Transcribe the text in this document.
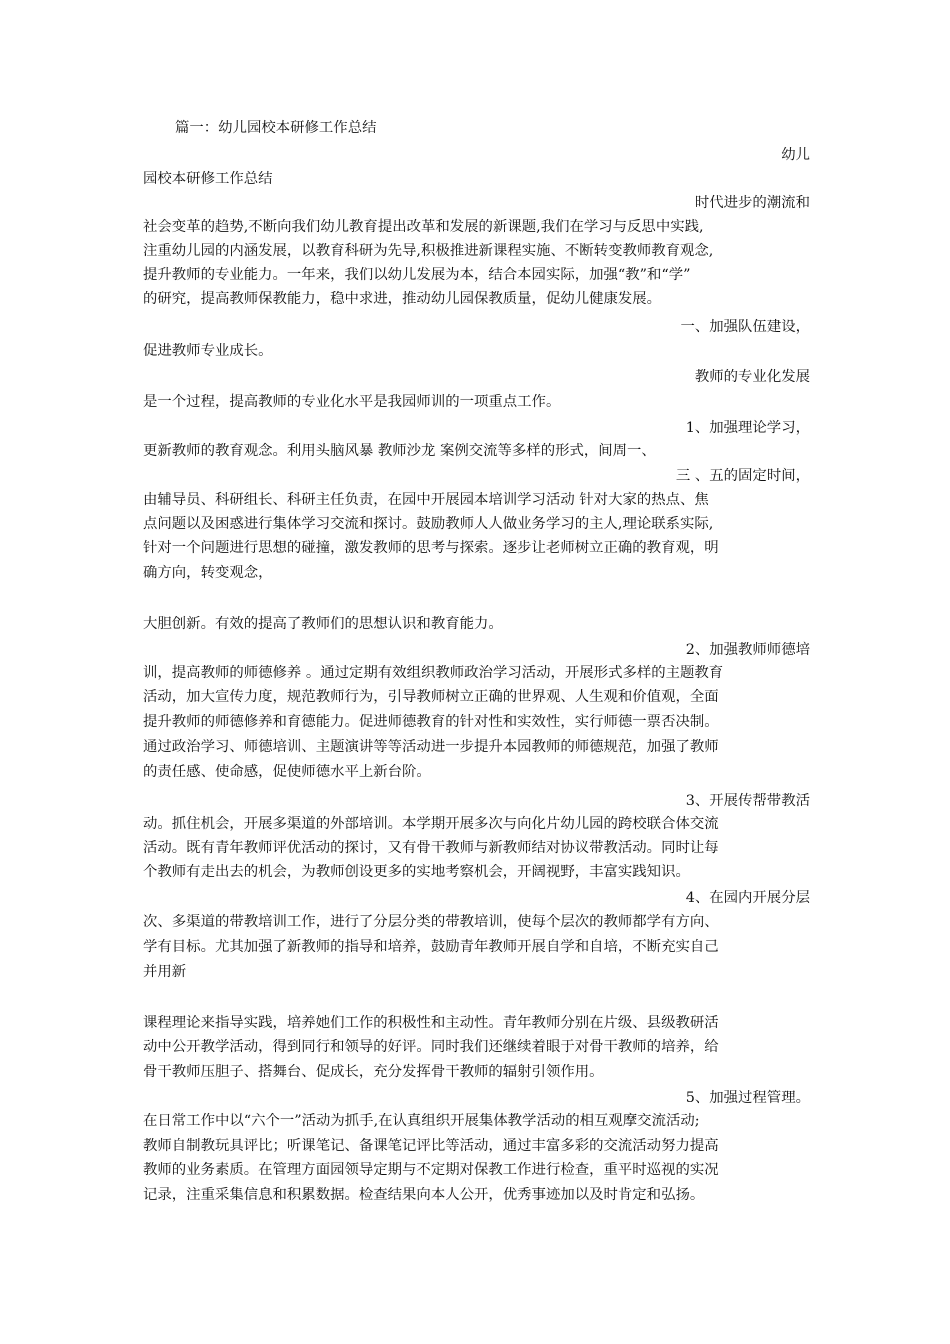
篇一：幼儿园校本研修工作总结
幼儿
园校本研修工作总结
时代进步的潮流和
社会变革的趋势,不断向我们幼儿教育提出改革和发展的新课题,我们在学习与反思中实践,
注重幼儿园的内涵发展，以教育科研为先导,积极推进新课程实施、不断转变教师教育观念,
提升教师的专业能力。一年来，我们以幼儿发展为本，结合本园实际，加强“教”和“学”
的研究，提高教师保教能力，稳中求进，推动幼儿园保教质量，促幼儿健康发展。
一、加强队伍建设，
促进教师专业成长。
教师的专业化发展
是一个过程，提高教师的专业化水平是我园师训的一项重点工作。
1、加强理论学习，
更新教师的教育观念。利用头脑风暴 教师沙龙 案例交流等多样的形式，间周一、
三 、五的固定时间，
由辅导员、科研组长、科研主任负责，在园中开展园本培训学习活动 针对大家的热点、焦
点问题以及困惑进行集体学习交流和探讨。鼓励教师人人做业务学习的主人,理论联系实际,
针对一个问题进行思想的碰撞，激发教师的思考与探索。逐步让老师树立正确的教育观，明
确方向，转变观念，
大胆创新。有效的提高了教师们的思想认识和教育能力。
2、加强教师师德培
训，提高教师的师德修养 。通过定期有效组织教师政治学习活动，开展形式多样的主题教育
活动，加大宣传力度，规范教师行为，引导教师树立正确的世界观、人生观和价值观，全面
提升教师的师德修养和育德能力。促进师德教育的针对性和实效性，实行师德一票否决制。
通过政治学习、师德培训、主题演讲等等活动进一步提升本园教师的师德规范，加强了教师
的责任感、使命感，促使师德水平上新台阶。
3、开展传帮带教活
动。抓住机会，开展多渠道的外部培训。本学期开展多次与向化片幼儿园的跨校联合体交流
活动。既有青年教师评优活动的探讨，又有骨干教师与新教师结对协议带教活动。同时让每
个教师有走出去的机会，为教师创设更多的实地考察机会，开阔视野，丰富实践知识。
4、在园内开展分层
次、多渠道的带教培训工作，进行了分层分类的带教培训，使每个层次的教师都学有方向、
学有目标。尤其加强了新教师的指导和培养，鼓励青年教师开展自学和自培，不断充实自己
并用新
课程理论来指导实践，培养她们工作的积极性和主动性。青年教师分别在片级、县级教研活
动中公开教学活动，得到同行和领导的好评。同时我们还继续着眼于对骨干教师的培养，给
骨干教师压胆子、搭舞台、促成长，充分发挥骨干教师的辐射引领作用。
5、加强过程管理。
在日常工作中以“六个一”活动为抓手,在认真组织开展集体教学活动的相互观摩交流活动;
教师自制教玩具评比；听课笔记、备课笔记评比等活动，通过丰富多彩的交流活动努力提高
教师的业务素质。在管理方面园领导定期与不定期对保教工作进行检查，重平时巡视的实况
记录，注重采集信息和积累数据。检查结果向本人公开，优秀事迹加以及时肯定和弘扬。
